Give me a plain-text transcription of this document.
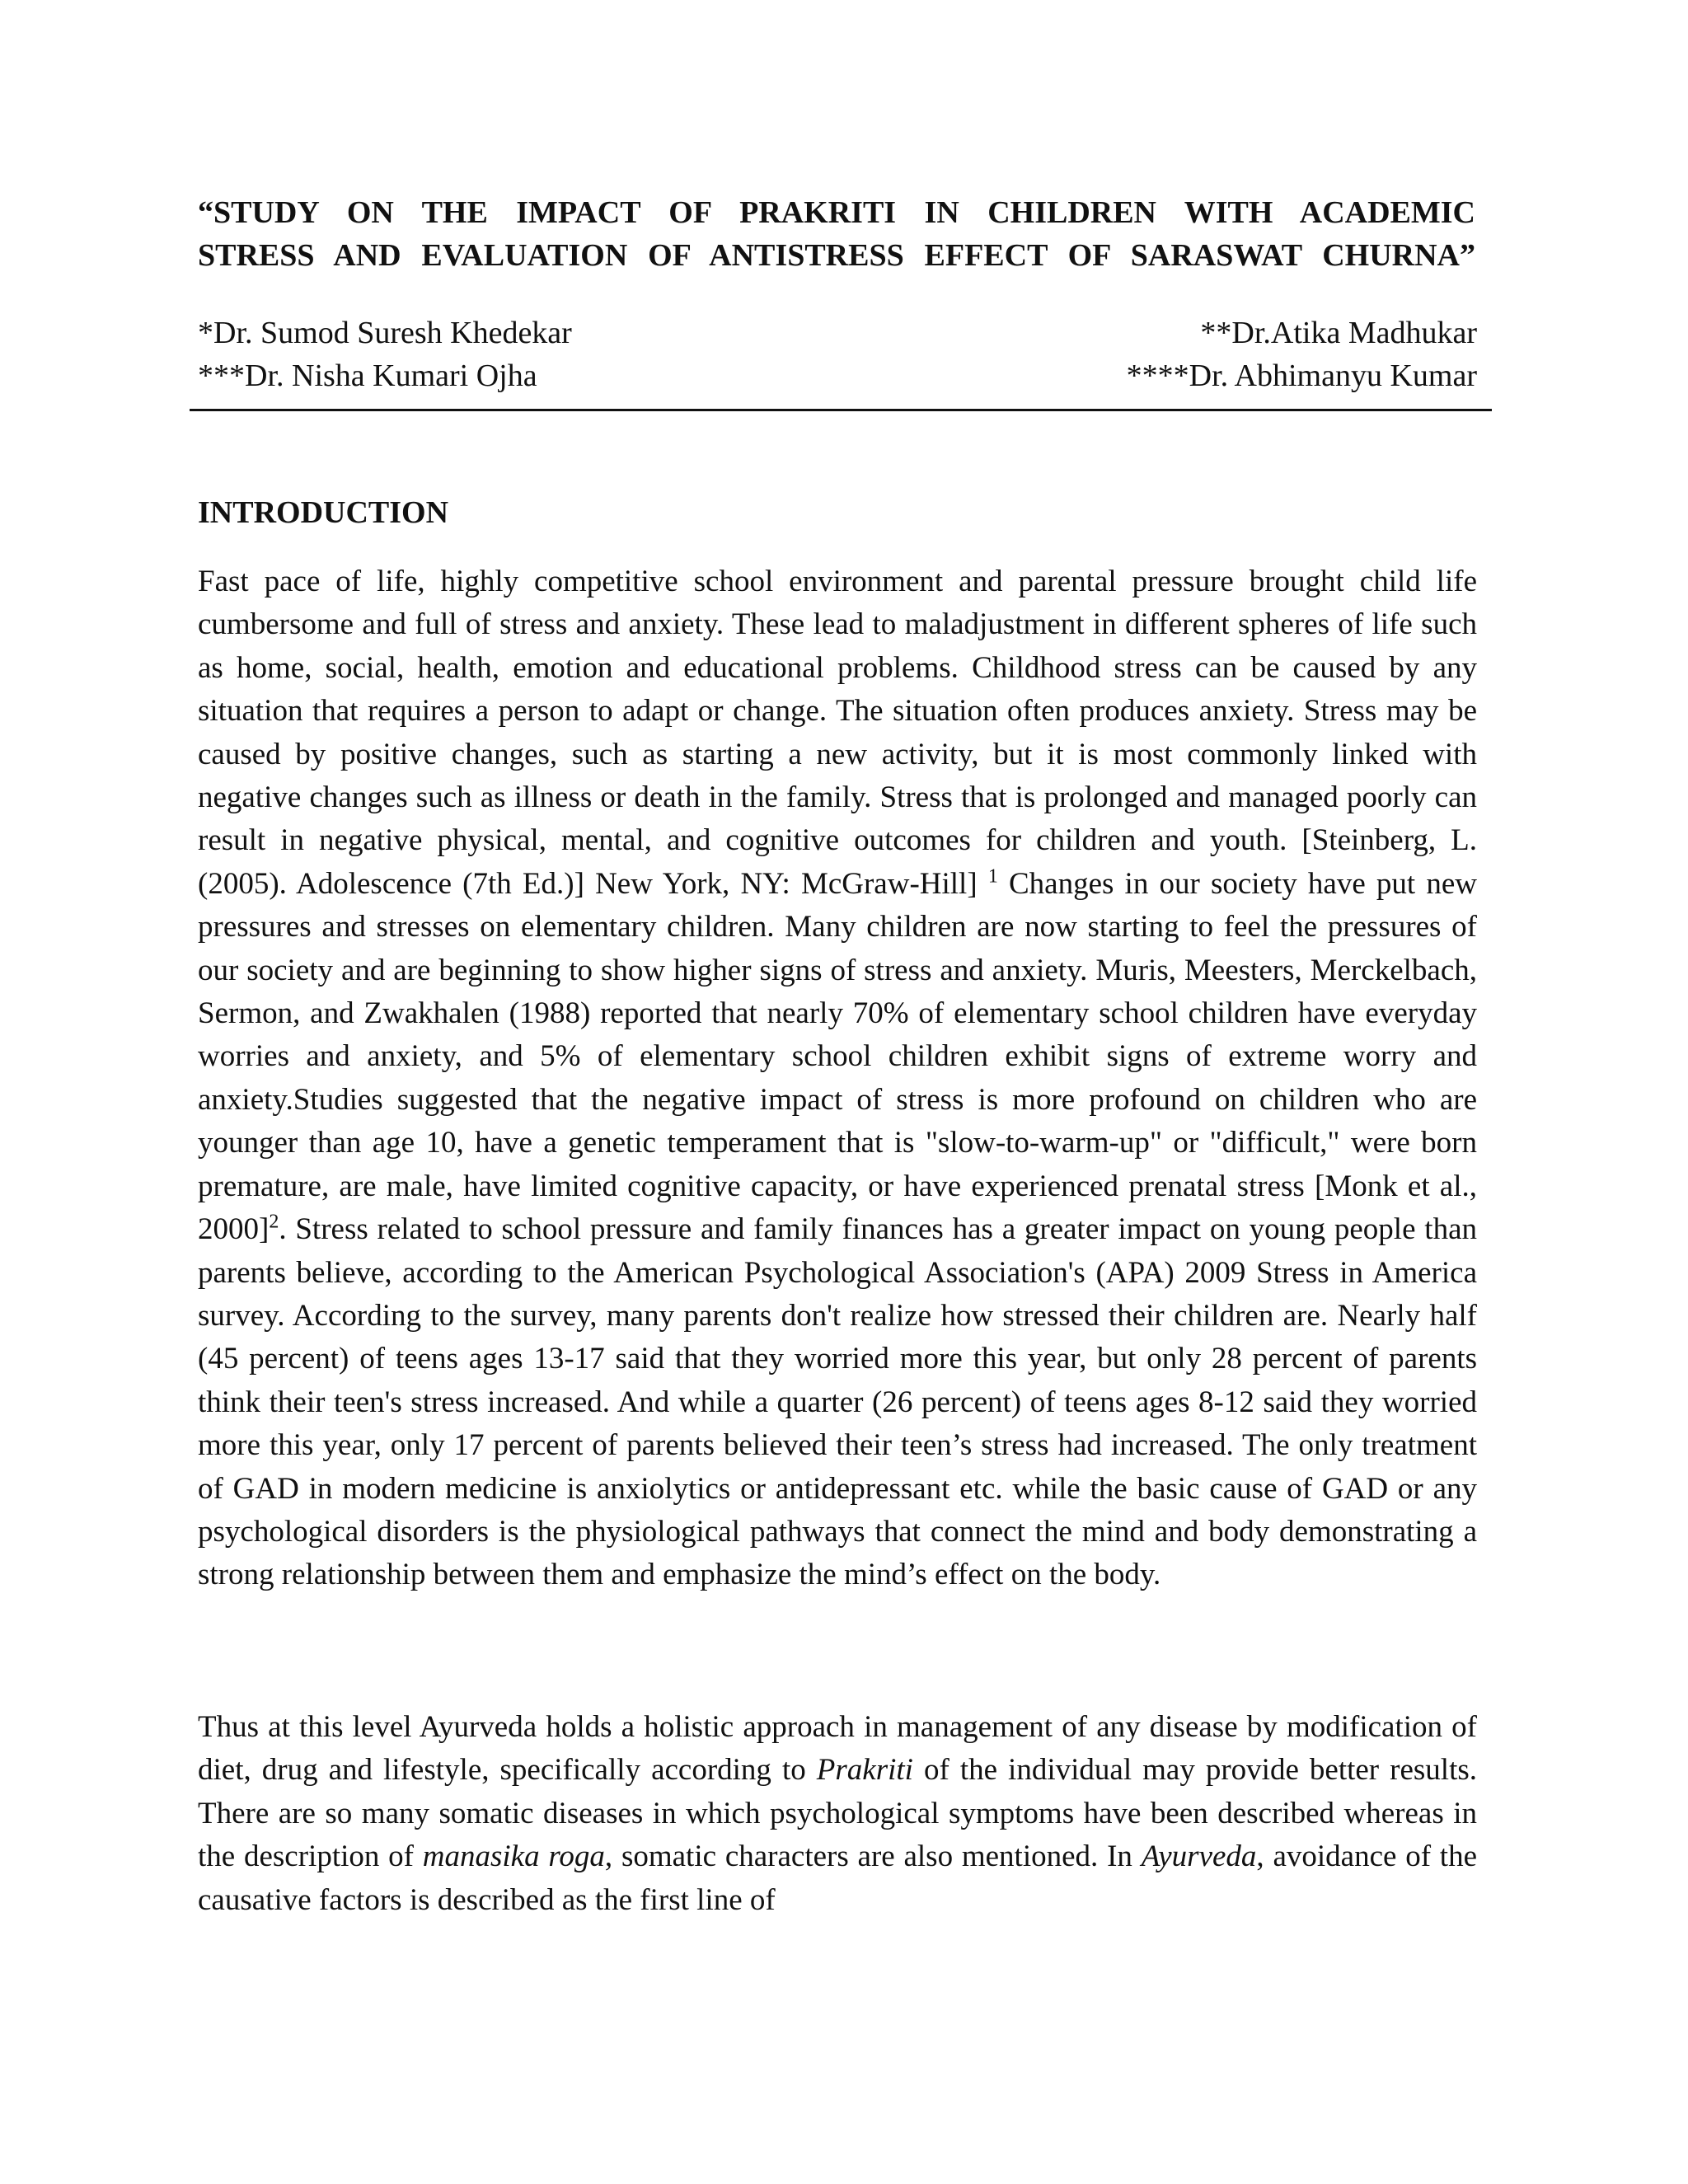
“STUDY ON THE IMPACT OF PRAKRITI IN CHILDREN WITH ACADEMIC
STRESS AND EVALUATION OF ANTISTRESS EFFECT OF SARASWAT CHURNA”
*Dr. Sumod Suresh Khedekar	**Dr.Atika Madhukar
***Dr. Nisha Kumari Ojha	****Dr. Abhimanyu Kumar
INTRODUCTION

Fast pace of life, highly competitive school environment and parental pressure brought child life cumbersome and full of stress and anxiety. These lead to maladjustment in different spheres of life such as home, social, health, emotion and educational problems. Childhood stress can be caused by any situation that requires a person to adapt or change. The situation often produces anxiety. Stress may be caused by positive changes, such as starting a new activity, but it is most commonly linked with negative changes such as illness or death in the family. Stress that is prolonged and managed poorly can result in negative physical, mental, and cognitive outcomes for children and youth. [Steinberg, L. (2005). Adolescence (7th Ed.)] New York, NY: McGraw-Hill] $^1$ Changes in our society have put new pressures and stresses on elementary children. Many children are now starting to feel the pressures of our society and are beginning to show higher signs of stress and anxiety. Muris, Meesters, Merckelbach, Sermon, and Zwakhalen (1988) reported that nearly 70% of elementary school children have everyday worries and anxiety, and 5% of elementary school children exhibit signs of extreme worry and anxiety.Studies suggested that the negative impact of stress is more profound on children who are younger than age 10, have a genetic temperament that is "slow-to-warm-up" or "difficult," were born premature, are male, have limited cognitive capacity, or have experienced prenatal stress [Monk et al., 2000]$^2$. Stress related to school pressure and family finances has a greater impact on young people than parents believe, according to the American Psychological Association's (APA) 2009 Stress in America survey. According to the survey, many parents don't realize how stressed their children are. Nearly half (45 percent) of teens ages 13-17 said that they worried more this year, but only 28 percent of parents think their teen's stress increased. And while a quarter (26 percent) of teens ages 8-12 said they worried more this year, only 17 percent of parents believed their teen’s stress had increased. The only treatment of GAD in modern medicine is anxiolytics or antidepressant etc. while the basic cause of GAD or any psychological disorders is the physiological pathways that connect the mind and body demonstrating a strong relationship between them and emphasize the mind’s effect on the body.

Thus at this level Ayurveda holds a holistic approach in management of any disease by modification of diet, drug and lifestyle, specifically according to Prakriti of the individual may provide better results. There are so many somatic diseases in which psychological symptoms have been described whereas in the description of manasika roga, somatic characters are also mentioned. In Ayurveda, avoidance of the causative factors is described as the first line of
